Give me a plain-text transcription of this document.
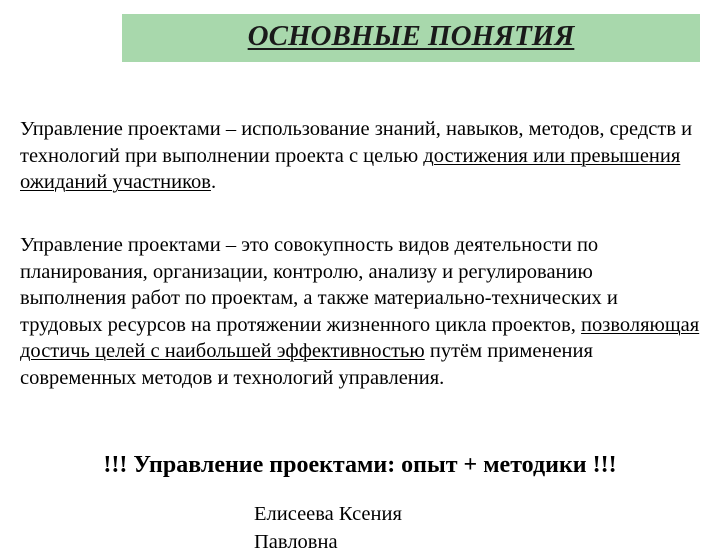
ОСНОВНЫЕ ПОНЯТИЯ
Управление проектами – использование знаний, навыков, методов, средств и технологий при выполнении проекта с целью достижения или превышения ожиданий участников.
Управление проектами – это совокупность видов деятельности по планирования, организации, контролю, анализу и регулированию выполнения работ по проектам, а также материально-технических и трудовых ресурсов на протяжении жизненного цикла проектов, позволяющая достичь целей с наибольшей эффективностью путём применения современных методов и технологий управления.
!!! Управление проектами: опыт + методики !!!
Елисеева Ксения
Павловна
